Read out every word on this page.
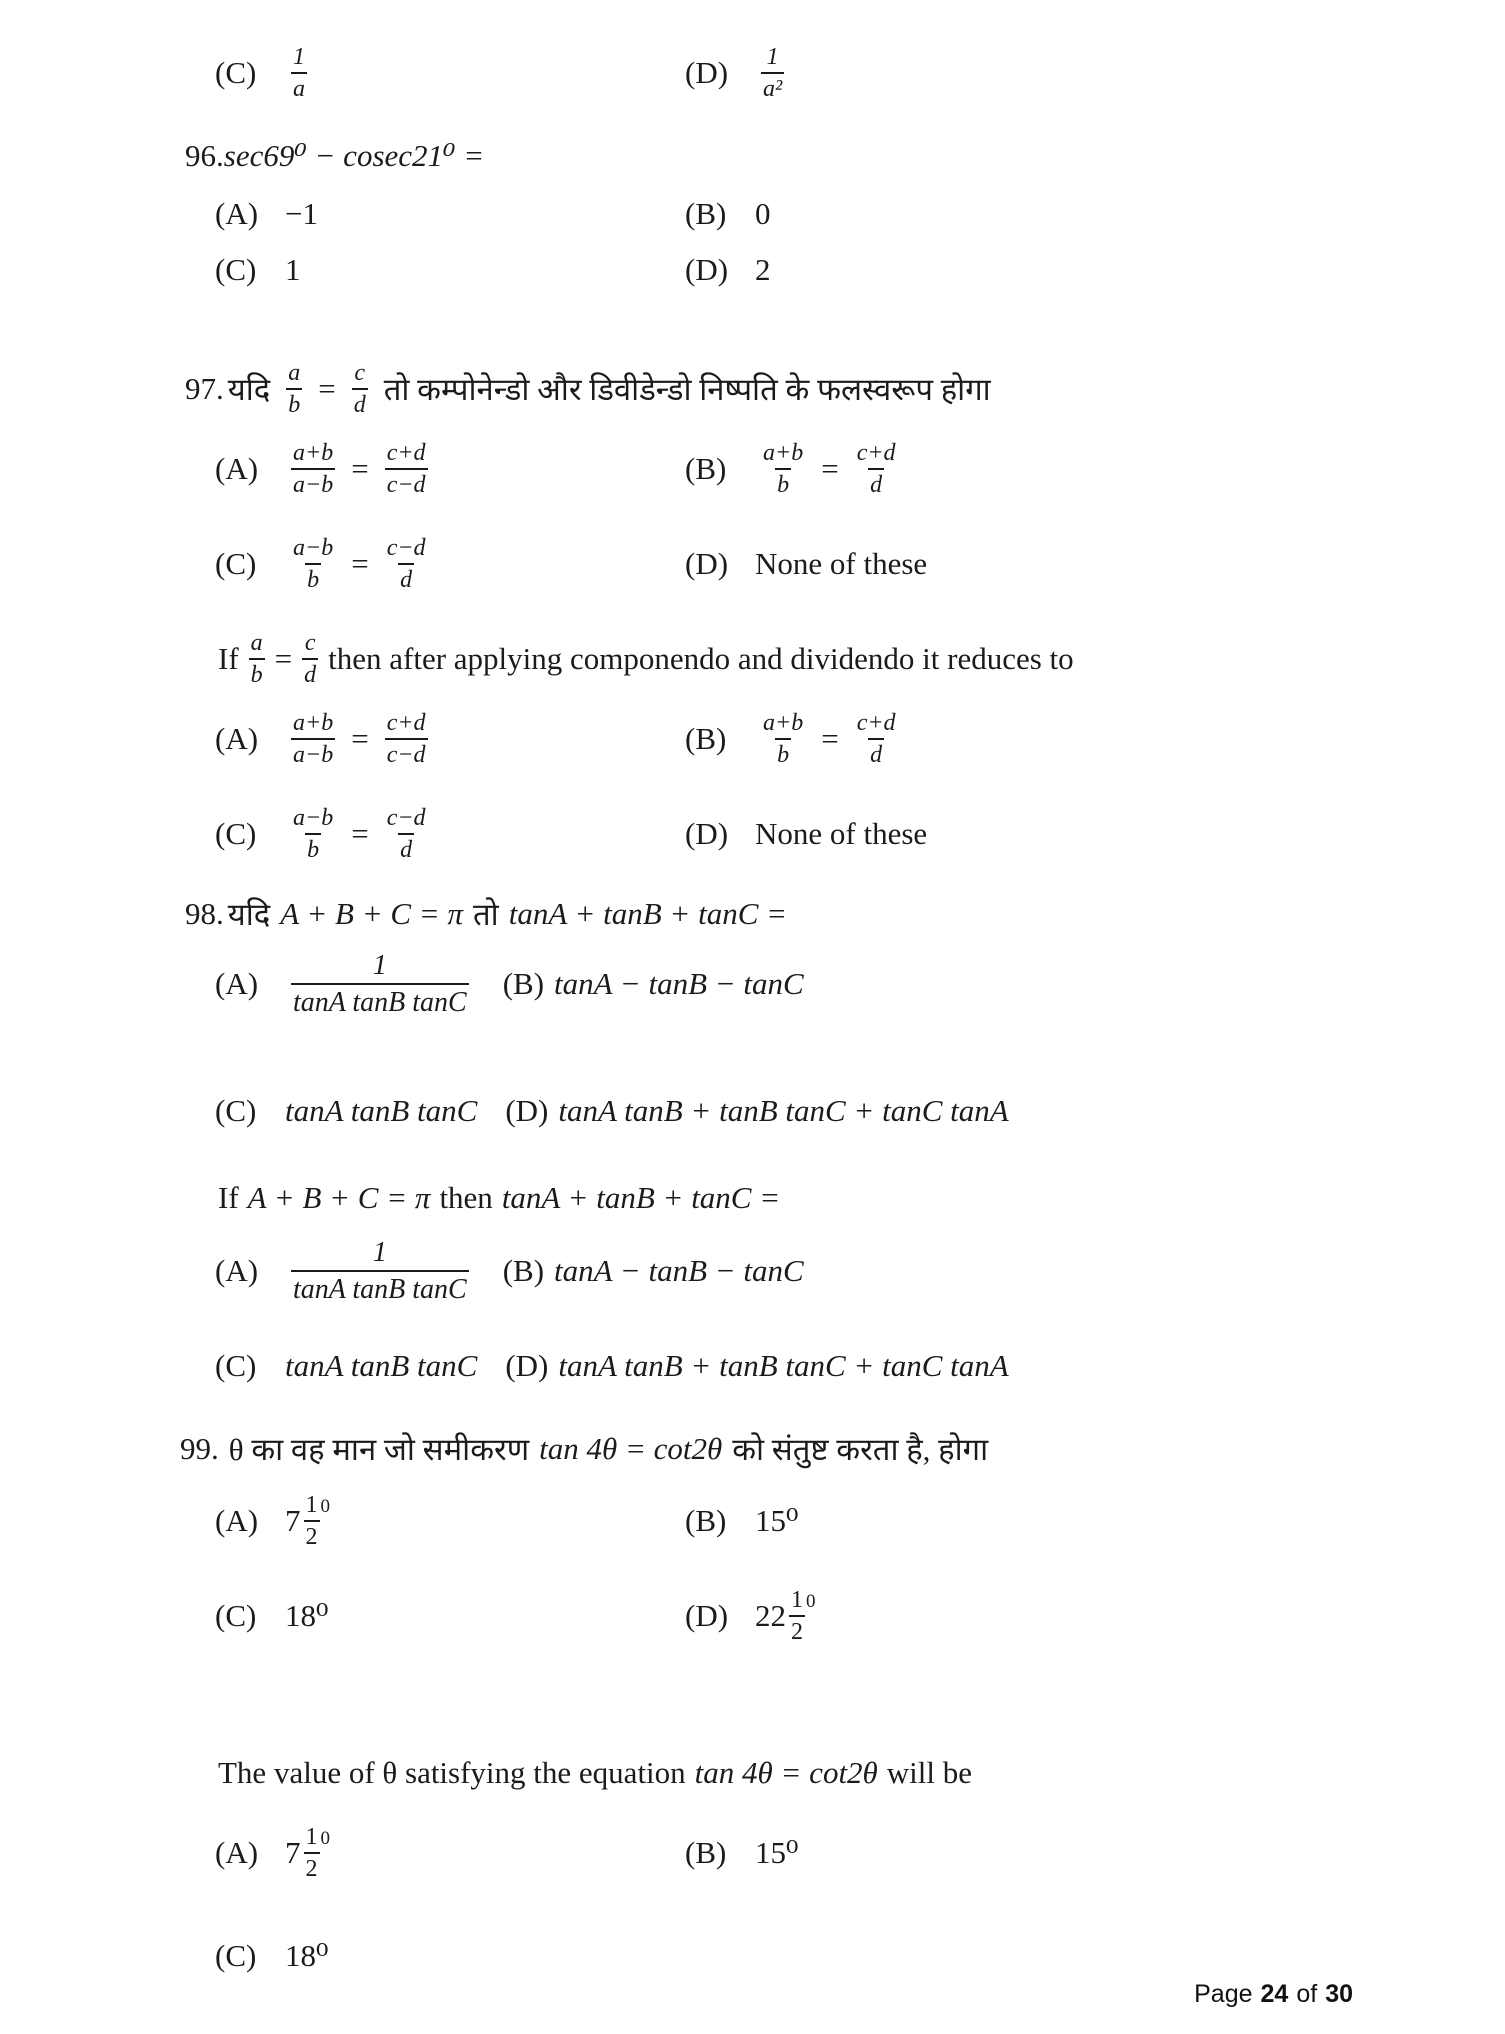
(C)	$\frac{1}{a}$	(D)	$\frac{1}{\text{a²}}$
96. sec69⁰ − cosec21⁰ =
(A) −1	(B) 0
(C) 1	(D) 2
97. यदि $\frac{a}{b} = \frac{c}{d}$ तो कम्पोनेन्डो और डिवीडेन्डो निष्पति के फलस्वरूप होगा
(A)	$\frac{a+b}{a-b} = \frac{c+d}{c-d}$	(B)	$\frac{a+b}{b} = \frac{c+d}{d}$
(C)	$\frac{a-b}{b} = \frac{c-d}{d}$	(D) None of these
If $\frac{a}{b} = \frac{c}{d}$ then after applying componendo and dividendo it reduces to
(A)	$\frac{a+b}{a-b} = \frac{c+d}{c-d}$	(B)	$\frac{a+b}{b} = \frac{c+d}{d}$
(C)	$\frac{a-b}{b} = \frac{c-d}{d}$	(D) None of these
98. यदि A + B + C = π तो tanA + tanB + tanC =
(A)	$\frac{1}{\text{tanA tanB tanC}} (B) \tan A - \tan B - \tan C$
(C) tanA tanB tanC (D) tanA tanB + tanB tanC + tanC tanA
If A + B + C = π then tanA + tanB + tanC =
(A)	$\frac{1}{\text{tanA tanB tanC}} (B) \tan A - \tan B - \tan C$
(C) tanA tanB tanC (D) tanA tanB + tanB tanC + tanC tanA
99. θ का वह मान जो समीकरण tan 4θ = cot2θ को संतुष्ट करता है, होगा
(A) $7 \frac{1}{2} 0$	(B) 15⁰
(C) 18⁰	(D) $22 \frac{1}{2} 0$
The value of θ satisfying the equation tan 4θ = cot2θ will be
(A) $7 \frac{1}{2} 0$	(B) 15⁰
(C) 18⁰
Page 24 of 30
